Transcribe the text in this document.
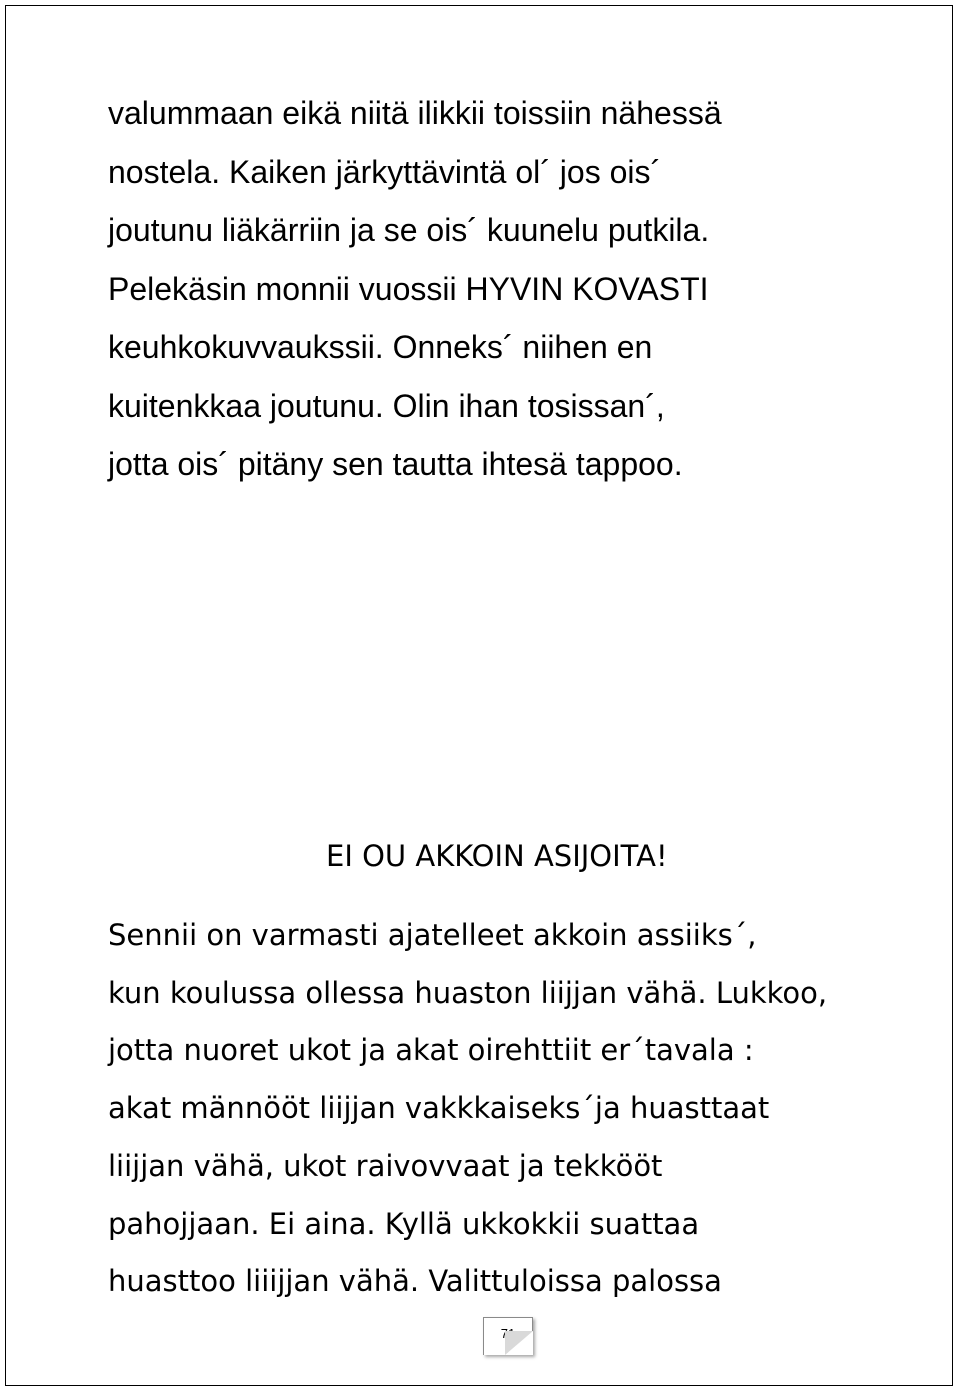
valummaan eikä niitä ilikkii toissiin nähessä
nostela. Kaiken järkyttävintä ol´ jos ois´
joutunu liäkärriin ja se ois´ kuunelu putkila.
Pelekäsin monnii vuossii HYVIN KOVASTI
keuhkokuvvaukssii. Onneks´ niihen en
kuitenkkaa joutunu. Olin ihan tosissan´,
jotta ois´ pitäny sen tautta ihtesä tappoo.
EI OU AKKOIN ASIJOITA!
Sennii on varmasti ajatelleet akkoin assiiks´,
kun koulussa ollessa huaston liijjan vähä. Lukkoo,
jotta nuoret ukot ja akat oirehttiit er´tavala :
akat männööt liijjan vakkkaiseks´ja huasttaat
liijjan vähä, ukot raivovvaat ja tekkööt
pahojjaan. Ei aina. Kyllä ukkokkii suattaa
huasttoo liiijjan vähä. Valittuloissa palossa
71
